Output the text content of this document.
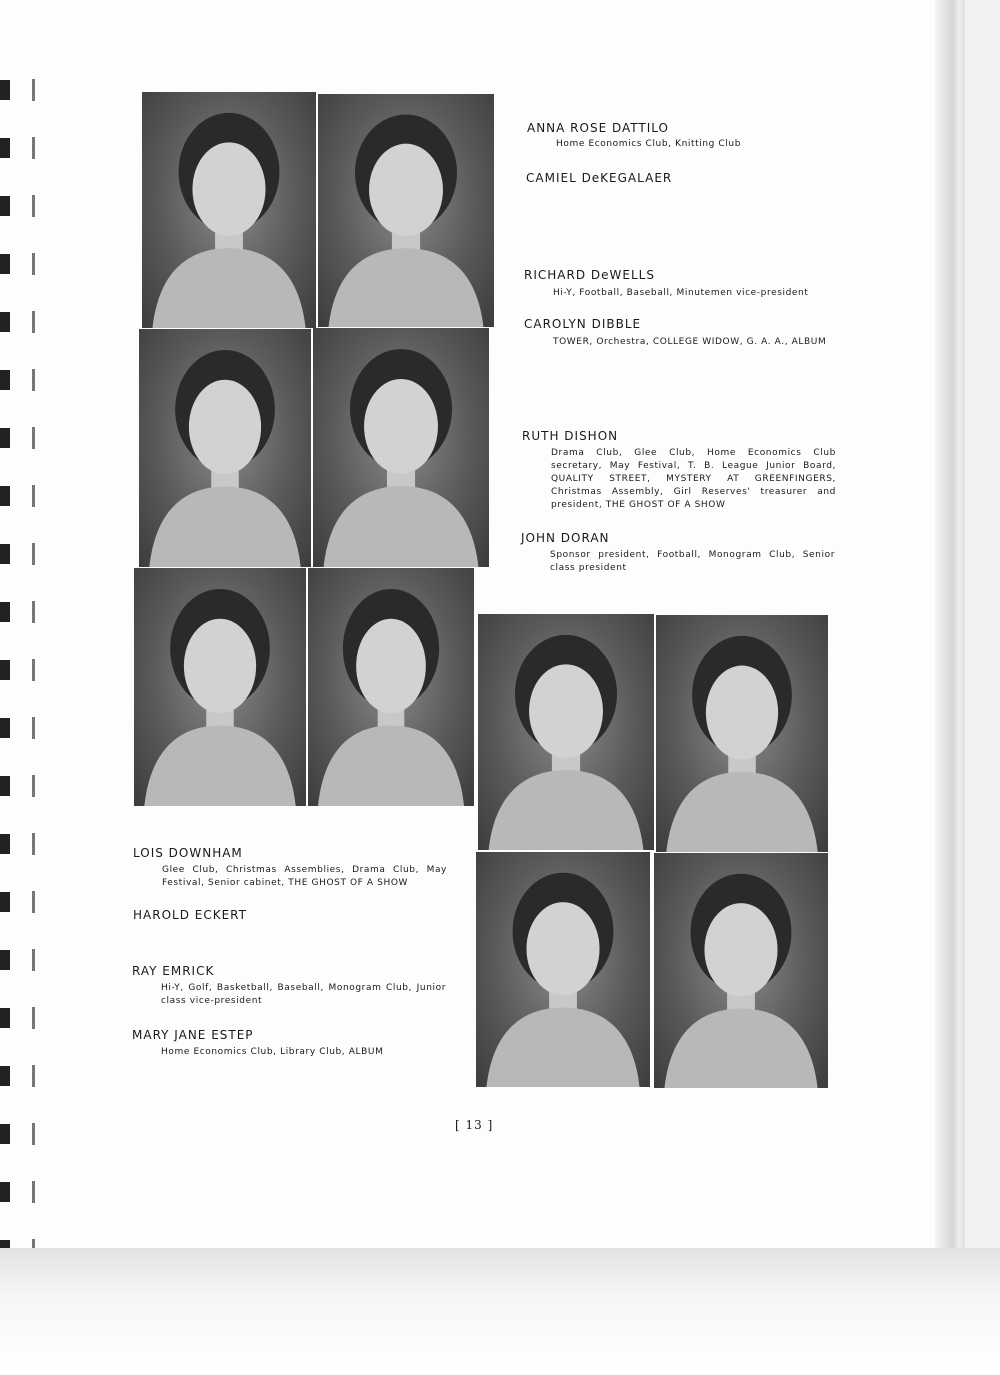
ANNA ROSE DATTILO
Home Economics Club, Knitting Club
CAMIEL DeKEGALAER
RICHARD DeWELLS
Hi-Y, Football, Baseball, Minutemen vice-president
CAROLYN DIBBLE
TOWER, Orchestra, COLLEGE WIDOW, G. A. A., ALBUM
RUTH DISHON
Drama Club, Glee Club, Home Economics Club secretary, May Festival, T. B. League Junior Board, QUALITY STREET, MYSTERY AT GREENFINGERS, Christmas Assembly, Girl Reserves' treasurer and president, THE GHOST OF A SHOW
JOHN DORAN
Sponsor president, Football, Monogram Club, Senior class president
LOIS DOWNHAM
Glee Club, Christmas Assemblies, Drama Club, May Festival, Senior cabinet, THE GHOST OF A SHOW
HAROLD ECKERT
RAY EMRICK
Hi-Y, Golf, Basketball, Baseball, Monogram Club, Junior class vice-president
MARY JANE ESTEP
Home Economics Club, Library Club, ALBUM
[ 13 ]
